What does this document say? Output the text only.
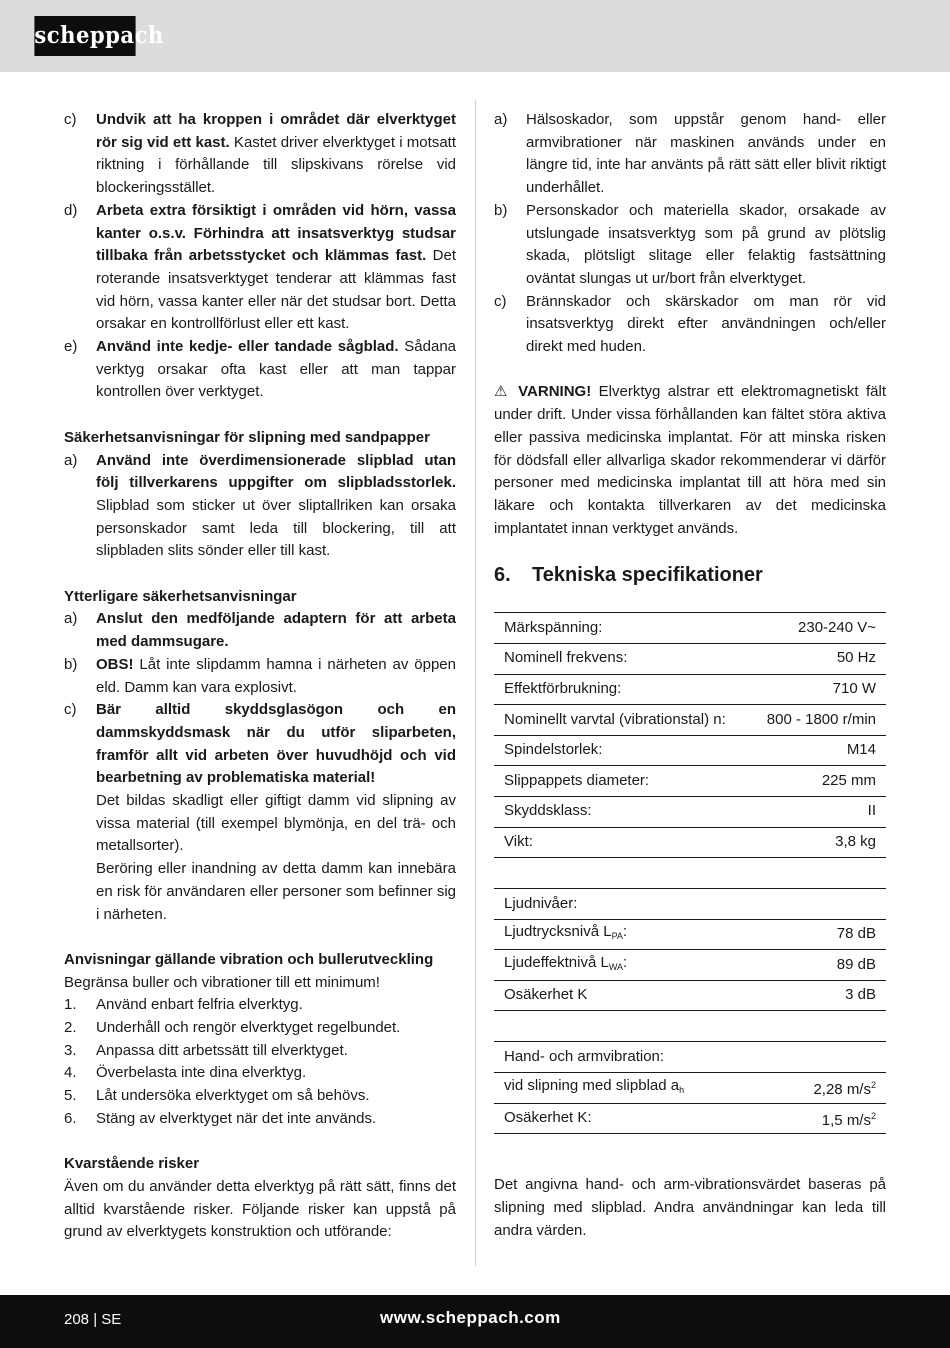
scheppach
c)	Undvik att ha kroppen i området där elverktyget rör sig vid ett kast. Kastet driver elverktyget i motsatt riktning i förhållande till slipskivans rörelse vid blockeringsstället.
d)	Arbeta extra försiktigt i områden vid hörn, vassa kanter o.s.v. Förhindra att insatsverktyg studsar tillbaka från arbetsstycket och klämmas fast. Det roterande insatsverktyget tenderar att klämmas fast vid hörn, vassa kanter eller när det studsar bort. Detta orsakar en kontrollförlust eller ett kast.
e)	Använd inte kedje- eller tandade sågblad. Sådana verktyg orsakar ofta kast eller att man tappar kontrollen över verktyget.

Säkerhetsanvisningar för slipning med sandpapper

a)	Använd inte överdimensionerade slipblad utan följ tillverkarens uppgifter om slipbladsstorlek. Slipblad som sticker ut över sliptallriken kan orsaka personskador samt leda till blockering, till att slipbladen slits sönder eller till kast.

Ytterligare säkerhetsanvisningar

a)	Anslut den medföljande adaptern för att arbeta med dammsugare.
b)	OBS! Låt inte slipdamm hamna i närheten av öppen eld. Damm kan vara explosivt.
c)	Bär alltid skyddsglasögon och en dammskyddsmask när du utför sliparbeten, framför allt vid arbeten över huvudhöjd och vid bearbetning av problematiska material!

Det bildas skadligt eller giftigt damm vid slipning av vissa material (till exempel blymönja, en del trä- och metallsorter).

Beröring eller inandning av detta damm kan innebära en risk för användaren eller personer som befinner sig i närheten.

Anvisningar gällande vibration och bullerutveckling

Begränsa buller och vibrationer till ett minimum!

1.	Använd enbart felfria elverktyg.
2.	Underhåll och rengör elverktyget regelbundet.
3.	Anpassa ditt arbetssätt till elverktyget.
4.	Överbelasta inte dina elverktyg.
5.	Låt undersöka elverktyget om så behövs.
6.	Stäng av elverktyget när det inte används.

Kvarstående risker

Även om du använder detta elverktyg på rätt sätt, finns det alltid kvarstående risker. Följande risker kan uppstå på grund av elverktygets konstruktion och utförande:

a)	Hälsoskador, som uppstår genom hand- eller armvibrationer när maskinen används under en längre tid, inte har använts på rätt sätt eller blivit riktigt underhållet.
b)	Personskador och materiella skador, orsakade av utslungade insatsverktyg som på grund av plötslig skada, plötsligt slitage eller felaktig fastsättning oväntat slungas ut ur/bort från elverktyget.
c)	Brännskador och skärskador om man rör vid insatsverktyg direkt efter användningen och/eller direkt med huden.

⚠ VARNING! Elverktyg alstrar ett elektromagnetiskt fält under drift. Under vissa förhållanden kan fältet störa aktiva eller passiva medicinska implantat. För att minska risken för dödsfall eller allvarliga skador rekommenderar vi därför personer med medicinska implantat till att höra med sin läkare och kontakta tillverkaren av det medicinska implantatet innan verktyget används.

6.	Tekniska specifikationer
Märkspänning:	230-240 V~
Nominell frekvens:	50 Hz
Effektförbrukning:	710 W
Nominellt varvtal (vibrationstal) n:	800 - 1800 r/min
Spindelstorlek:	M14
Slippappets diameter:	225 mm
Skyddsklass:	II
Vikt:	3,8 kg
Ljudnivåer:	
Ljudtrycksnivå $L_{PA}$:	78 dB
Ljudeffektnivå $L_{WA}$:	89 dB
Osäkerhet K	3 dB
Hand- och armvibration:	
vid slipning med slipblad $a_h$	2,28 $m/s^2$
Osäkerhet K:	1,5 $m/s^2$

Det angivna hand- och arm-vibrationsvärdet baseras på slipning med slipblad. Andra användningar kan leda till andra värden.

208 | SE	www.scheppach.com
